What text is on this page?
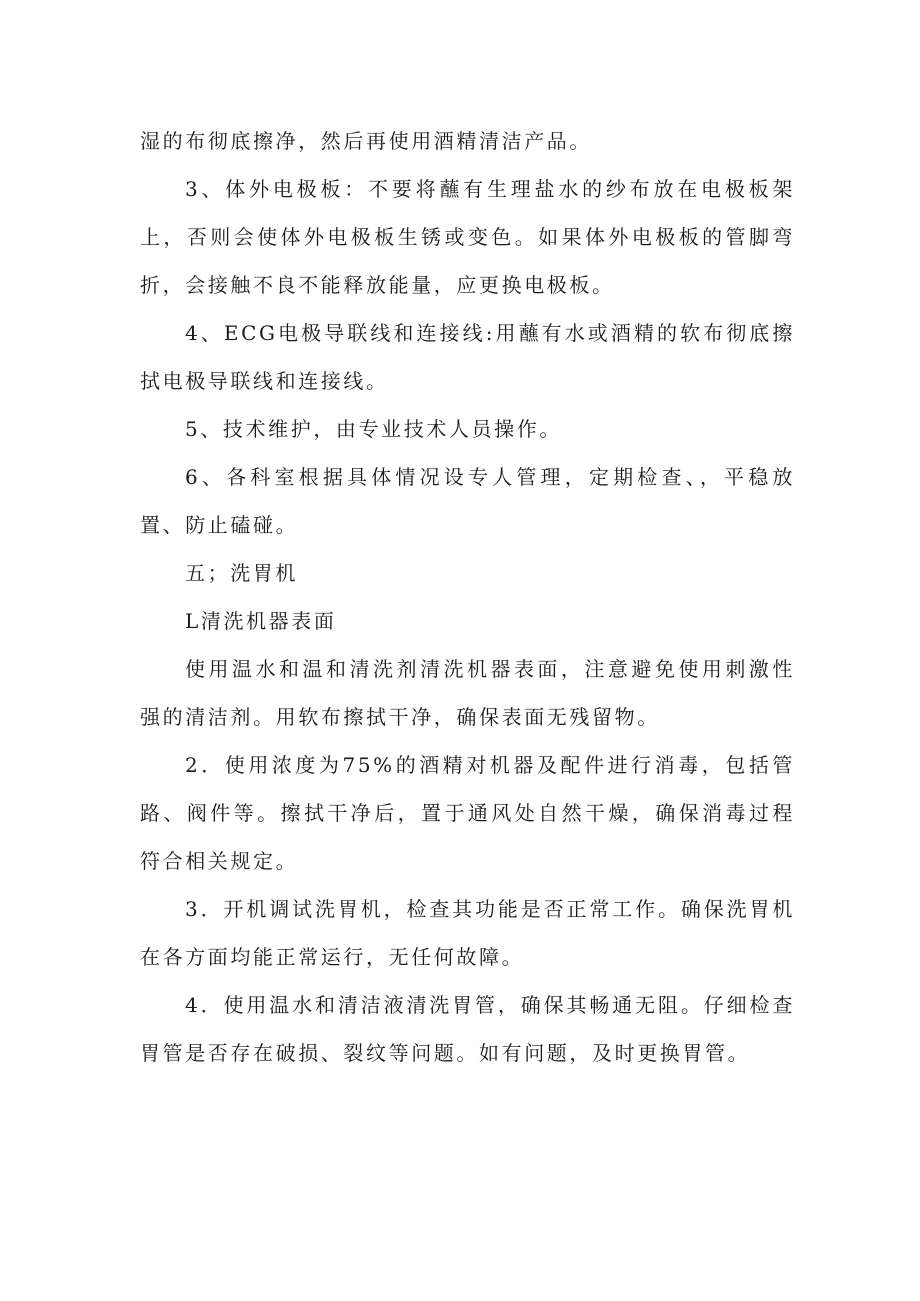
湿的布彻底擦净，然后再使用酒精清洁产品。

3、体外电极板：不要将蘸有生理盐水的纱布放在电极板架上，否则会使体外电极板生锈或变色。如果体外电极板的管脚弯折，会接触不良不能释放能量，应更换电极板。

4、ECG电极导联线和连接线:用蘸有水或酒精的软布彻底擦拭电极导联线和连接线。

5、技术维护，由专业技术人员操作。

6、各科室根据具体情况设专人管理，定期检查、，平稳放置、防止磕碰。

五；洗胃机

L清洗机器表面

使用温水和温和清洗剂清洗机器表面，注意避免使用刺激性强的清洁剂。用软布擦拭干净，确保表面无残留物。

2．使用浓度为75%的酒精对机器及配件进行消毒，包括管路、阀件等。擦拭干净后，置于通风处自然干燥，确保消毒过程符合相关规定。

3．开机调试洗胃机，检查其功能是否正常工作。确保洗胃机在各方面均能正常运行，无任何故障。

4．使用温水和清洁液清洗胃管，确保其畅通无阻。仔细检查胃管是否存在破损、裂纹等问题。如有问题，及时更换胃管。
